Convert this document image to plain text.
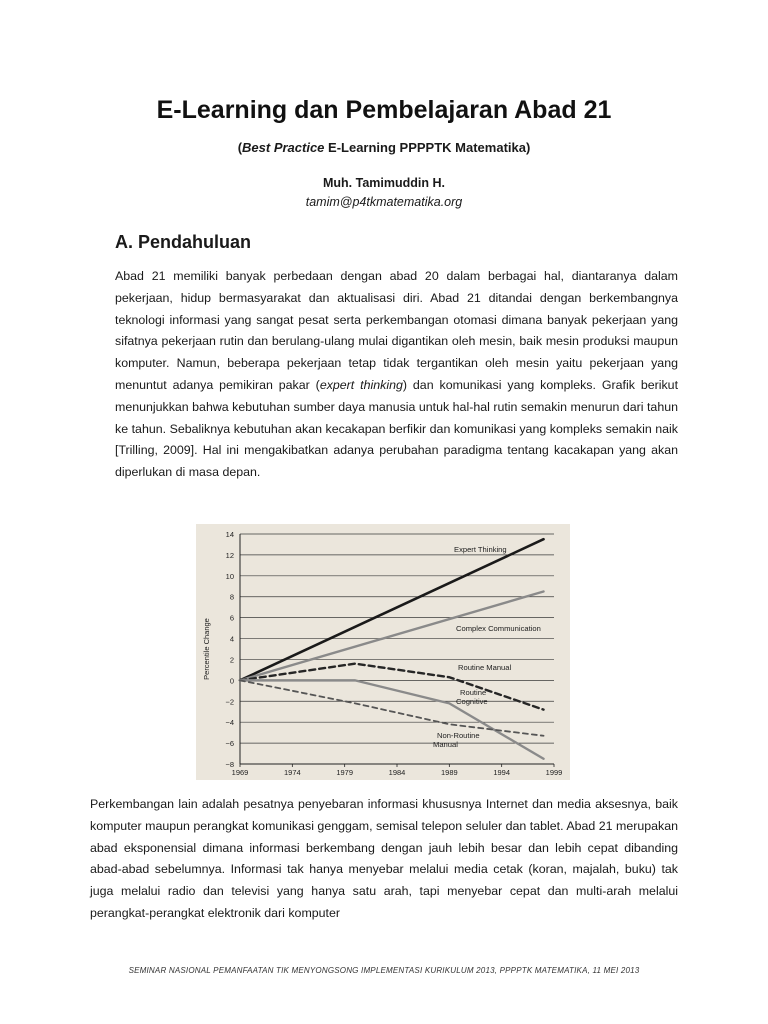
E-Learning dan Pembelajaran Abad 21
(Best Practice E-Learning PPPPTK Matematika)
Muh. Tamimuddin H.
tamim@p4tkmatematika.org
A. Pendahuluan

Abad 21 memiliki banyak perbedaan dengan abad 20 dalam berbagai hal, diantaranya dalam pekerjaan, hidup bermasyarakat dan aktualisasi diri. Abad 21 ditandai dengan berkembangnya teknologi informasi yang sangat pesat serta perkembangan otomasi dimana banyak pekerjaan yang sifatnya pekerjaan rutin dan berulang-ulang mulai digantikan oleh mesin, baik mesin produksi maupun komputer. Namun, beberapa pekerjaan tetap tidak tergantikan oleh mesin yaitu pekerjaan yang menuntut adanya pemikiran pakar (expert thinking) dan komunikasi yang kompleks. Grafik berikut menunjukkan bahwa kebutuhan sumber daya manusia untuk hal-hal rutin semakin menurun dari tahun ke tahun. Sebaliknya kebutuhan akan kecakapan berfikir dan komunikasi yang kompleks semakin naik [Trilling, 2009]. Hal ini mengakibatkan adanya perubahan paradigma tentang kacakapan yang akan diperlukan di masa depan.

14
12
10
8
6
4
2
0
−2
−4
−6
−8
1969	1974	1979	1984	1989	1994	1999
Percentile Change
Expert Thinking
Complex Communication
Routine Manual
Routine
Cognitive
Non-Routine
Manual

Perkembangan lain adalah pesatnya penyebaran informasi khususnya Internet dan media aksesnya, baik komputer maupun perangkat komunikasi genggam, semisal telepon seluler dan tablet. Abad 21 merupakan abad eksponensial dimana informasi berkembang dengan jauh lebih besar dan lebih cepat dibanding abad-abad sebelumnya. Informasi tak hanya menyebar melalui media cetak (koran, majalah, buku) tak juga melalui radio dan televisi yang hanya satu arah, tapi menyebar cepat dan multi-arah melalui perangkat-perangkat elektronik dari komputer

SEMINAR NASIONAL PEMANFAATAN TIK MENYONGSONG IMPLEMENTASI KURIKULUM 2013, PPPPTK MATEMATIKA, 11 MEI 2013
